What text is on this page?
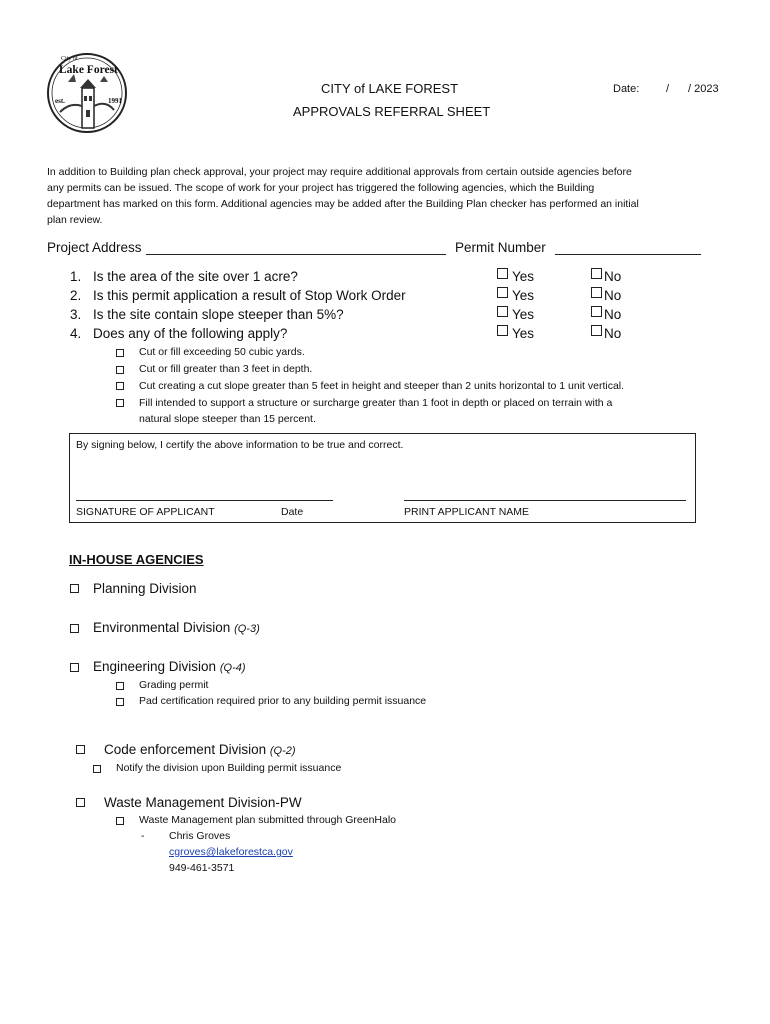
City of
Lake Forest
est.	1991
CITY of LAKE FOREST
APPROVALS REFERRAL SHEET
Date: / / 2023
In addition to Building plan check approval, your project may require additional approvals from certain outside agencies before
any permits can be issued. The scope of work for your project has triggered the following agencies, which the Building
department has marked on this form. Additional agencies may be added after the Building Plan checker has performed an initial
plan review.
Project Address	Permit Number
1. Is the area of the site over 1 acre?	Yes	No
2. Is this permit application a result of Stop Work Order	Yes	No
3. Is the site contain slope steeper than 5%?	Yes	No
4. Does any of the following apply?	Yes	No
Cut or fill exceeding 50 cubic yards.
Cut or fill greater than 3 feet in depth.
Cut creating a cut slope greater than 5 feet in height and steeper than 2 units horizontal to 1 unit vertical.
Fill intended to support a structure or surcharge greater than 1 foot in depth or placed on terrain with a
natural slope steeper than 15 percent.
By signing below, I certify the above information to be true and correct.
SIGNATURE OF APPLICANT	Date	PRINT APPLICANT NAME
IN-HOUSE AGENCIES
Planning Division
Environmental Division (Q-3)
Engineering Division (Q-4)
Grading permit
Pad certification required prior to any building permit issuance
Code enforcement Division (Q-2)
Notify the division upon Building permit issuance
Waste Management Division-PW
Waste Management plan submitted through GreenHalo
- Chris Groves
cgroves@lakeforestca.gov
949-461-3571
